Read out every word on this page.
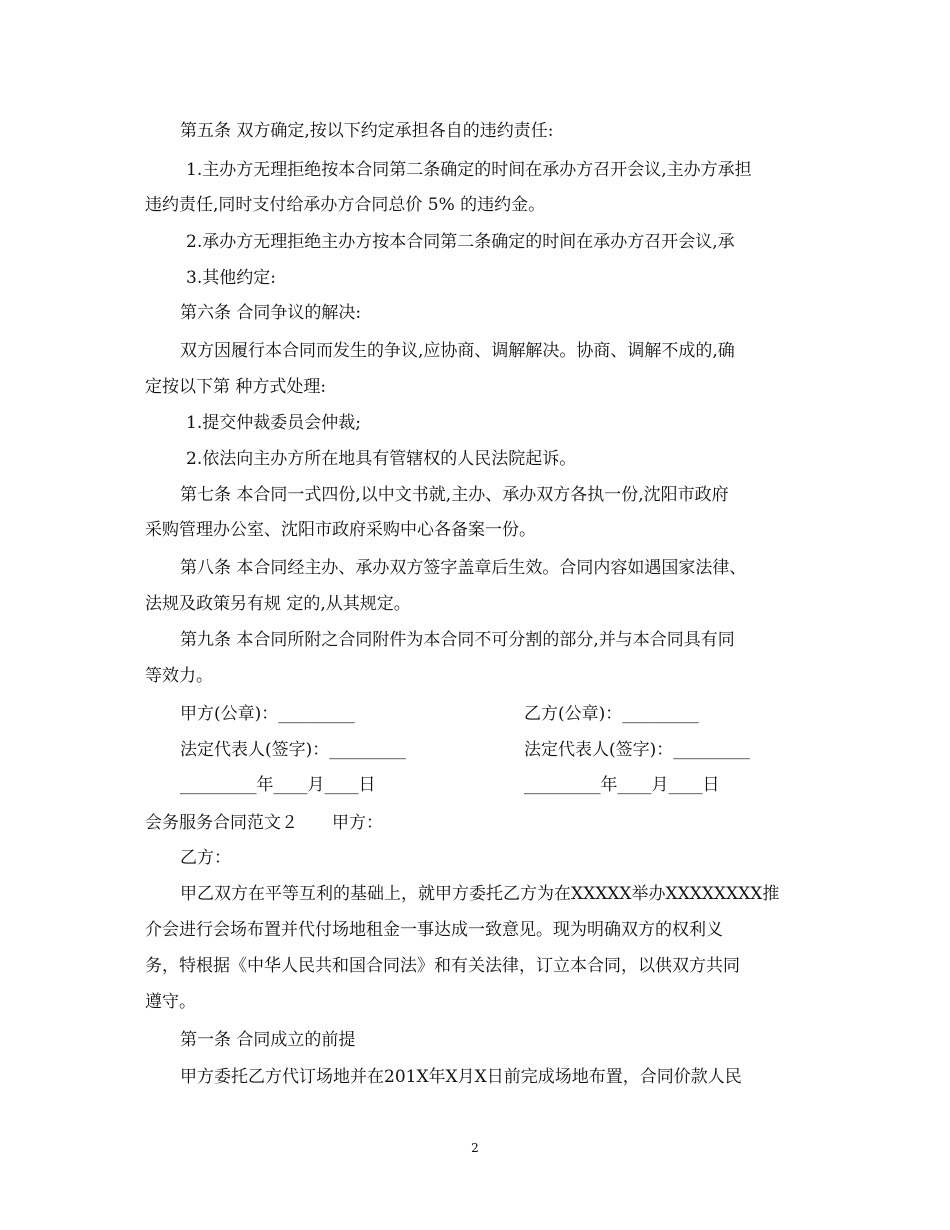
第五条 双方确定,按以下约定承担各自的违约责任:
1.主办方无理拒绝按本合同第二条确定的时间在承办方召开会议,主办方承担
违约责任,同时支付给承办方合同总价 5% 的违约金。
2.承办方无理拒绝主办方按本合同第二条确定的时间在承办方召开会议,承
3.其他约定:
第六条 合同争议的解决:
双方因履行本合同而发生的争议,应协商、调解解决。协商、调解不成的,确
定按以下第 种方式处理:
1.提交仲裁委员会仲裁;
2.依法向主办方所在地具有管辖权的人民法院起诉。
第七条 本合同一式四份,以中文书就,主办、承办双方各执一份,沈阳市政府
采购管理办公室、沈阳市政府采购中心各备案一份。
第八条 本合同经主办、承办双方签字盖章后生效。合同内容如遇国家法律、
法规及政策另有规 定的,从其规定。
第九条 本合同所附之合同附件为本合同不可分割的部分,并与本合同具有同
等效力。
甲方(公章)：_________	乙方(公章)：_________
法定代表人(签字)：_________	法定代表人(签字)：_________
_________年____月____日	_________年____月____日
会务服务合同范文２　　甲方：
乙方：
甲乙双方在平等互利的基础上，就甲方委托乙方为在XXXXX举办XXXXXXXX推
介会进行会场布置并代付场地租金一事达成一致意见。现为明确双方的权利义
务，特根据《中华人民共和国合同法》和有关法律，订立本合同，以供双方共同
遵守。
第一条 合同成立的前提
甲方委托乙方代订场地并在201X年X月X日前完成场地布置，合同价款人民
2
